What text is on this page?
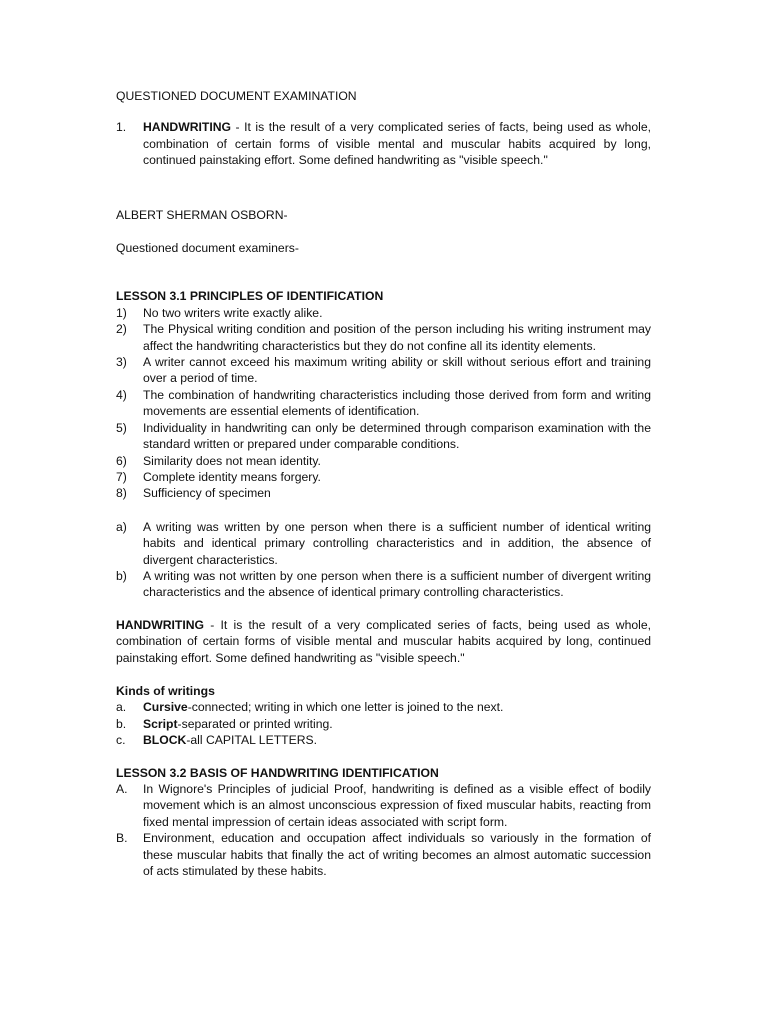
QUESTIONED DOCUMENT EXAMINATION

1.	HANDWRITING - It is the result of a very complicated series of facts, being used as whole, combination of certain forms of visible mental and muscular habits acquired by long, continued painstaking effort. Some defined handwriting as "visible speech."

ALBERT SHERMAN OSBORN-

Questioned document examiners-

LESSON 3.1 PRINCIPLES OF IDENTIFICATION

1)	No two writers write exactly alike.
2)	The Physical writing condition and position of the person including his writing instrument may affect the handwriting characteristics but they do not confine all its identity elements.
3)	A writer cannot exceed his maximum writing ability or skill without serious effort and training over a period of time.
4)	The combination of handwriting characteristics including those derived from form and writing movements are essential elements of identification.
5)	Individuality in handwriting can only be determined through comparison examination with the standard written or prepared under comparable conditions.
6)	Similarity does not mean identity.
7)	Complete identity means forgery.
8)	Sufficiency of specimen
a)	A writing was written by one person when there is a sufficient number of identical writing habits and identical primary controlling characteristics and in addition, the absence of divergent characteristics.
b)	A writing was not written by one person when there is a sufficient number of divergent writing characteristics and the absence of identical primary controlling characteristics.

HANDWRITING - It is the result of a very complicated series of facts, being used as whole, combination of certain forms of visible mental and muscular habits acquired by long, continued painstaking effort. Some defined handwriting as "visible speech."

Kinds of writings

a.	Cursive-connected; writing in which one letter is joined to the next.
b.	Script-separated or printed writing.
c.	BLOCK-all CAPITAL LETTERS.

LESSON 3.2 BASIS OF HANDWRITING IDENTIFICATION

A.	In Wignore's Principles of judicial Proof, handwriting is defined as a visible effect of bodily movement which is an almost unconscious expression of fixed muscular habits, reacting from fixed mental impression of certain ideas associated with script form.
B.	Environment, education and occupation affect individuals so variously in the formation of these muscular habits that finally the act of writing becomes an almost automatic succession of acts stimulated by these habits.
